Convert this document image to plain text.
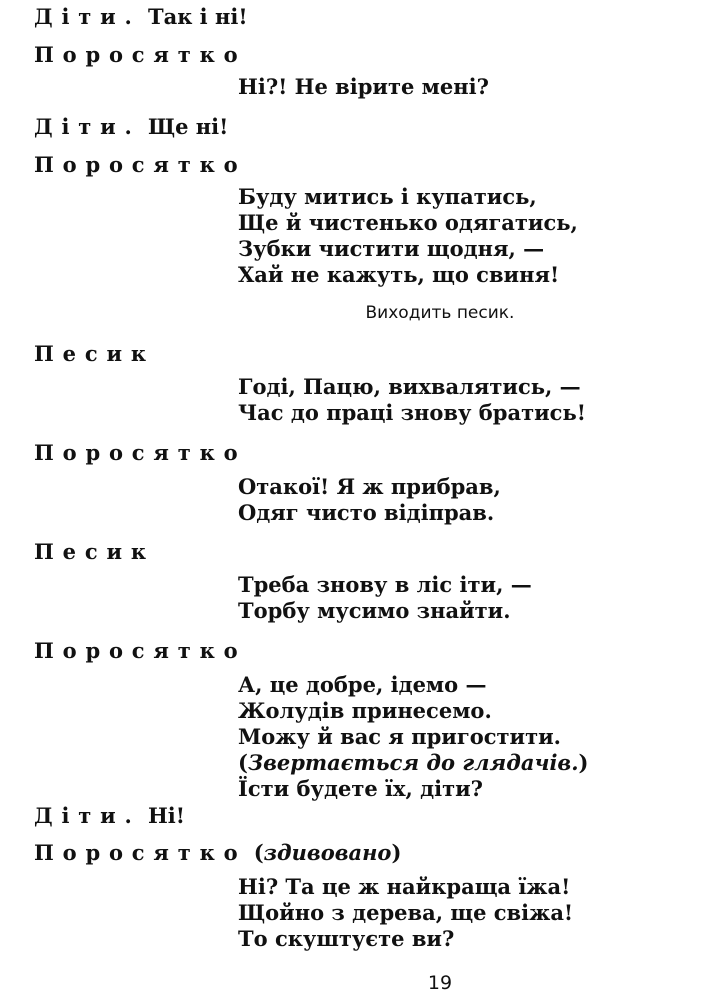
Діти. Так і ні!
Поросятко
Ні?! Не вірите мені?
Діти. Ще ні!
Поросятко
Буду митись і купатись,
Ще й чистенько одягатись,
Зубки чистити щодня, —
Хай не кажуть, що свиня!
Виходить песик.
Песик
Годі, Пацю, вихвалятись, —
Час до праці знову братись!
Поросятко
Отакої! Я ж прибрав,
Одяг чисто відіправ.
Песик
Треба знову в ліс іти, —
Торбу мусимо знайти.
Поросятко
А, це добре, ідемо —
Жолудів принесемо.
Можу й вас я пригостити.
(Звертається до глядачів.)
Їсти будете їх, діти?
Діти. Ні!
Поросятко (здивовано)
Ні? Та це ж найкраща їжа!
Щойно з дерева, ще свіжа!
То скуштуєте ви?
19
